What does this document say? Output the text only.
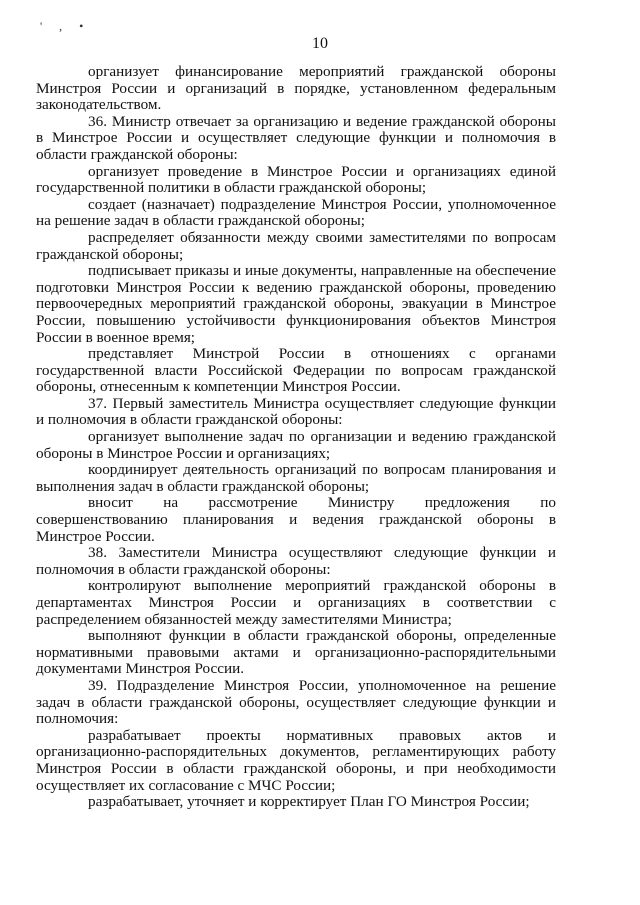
' , •
10

организует финансирование мероприятий гражданской обороны Минстроя России и организаций в порядке, установленном федеральным законодательством.

36. Министр отвечает за организацию и ведение гражданской обороны в Минстрое России и осуществляет следующие функции и полномочия в области гражданской обороны:

организует проведение в Минстрое России и организациях единой государственной политики в области гражданской обороны;

создает (назначает) подразделение Минстроя России, уполномоченное на решение задач в области гражданской обороны;

распределяет обязанности между своими заместителями по вопросам гражданской обороны;

подписывает приказы и иные документы, направленные на обеспечение подготовки Минстроя России к ведению гражданской обороны, проведению первоочередных мероприятий гражданской обороны, эвакуации в Минстрое России, повышению устойчивости функционирования объектов Минстроя России в военное время;

представляет Минстрой России в отношениях с органами государственной власти Российской Федерации по вопросам гражданской обороны, отнесенным к компетенции Минстроя России.

37. Первый заместитель Министра осуществляет следующие функции и полномочия в области гражданской обороны:

организует выполнение задач по организации и ведению гражданской обороны в Минстрое России и организациях;

координирует деятельность организаций по вопросам планирования и выполнения задач в области гражданской обороны;

вносит на рассмотрение Министру предложения по совершенствованию планирования и ведения гражданской обороны в Минстрое России.

38. Заместители Министра осуществляют следующие функции и полномочия в области гражданской обороны:

контролируют выполнение мероприятий гражданской обороны в департаментах Минстроя России и организациях в соответствии с распределением обязанностей между заместителями Министра;

выполняют функции в области гражданской обороны, определенные нормативными правовыми актами и организационно-распорядительными документами Минстроя России.

39. Подразделение Минстроя России, уполномоченное на решение задач в области гражданской обороны, осуществляет следующие функции и полномочия:

разрабатывает проекты нормативных правовых актов и организационно-распорядительных документов, регламентирующих работу Минстроя России в области гражданской обороны, и при необходимости осуществляет их согласование с МЧС России;

разрабатывает, уточняет и корректирует План ГО Минстроя России;
